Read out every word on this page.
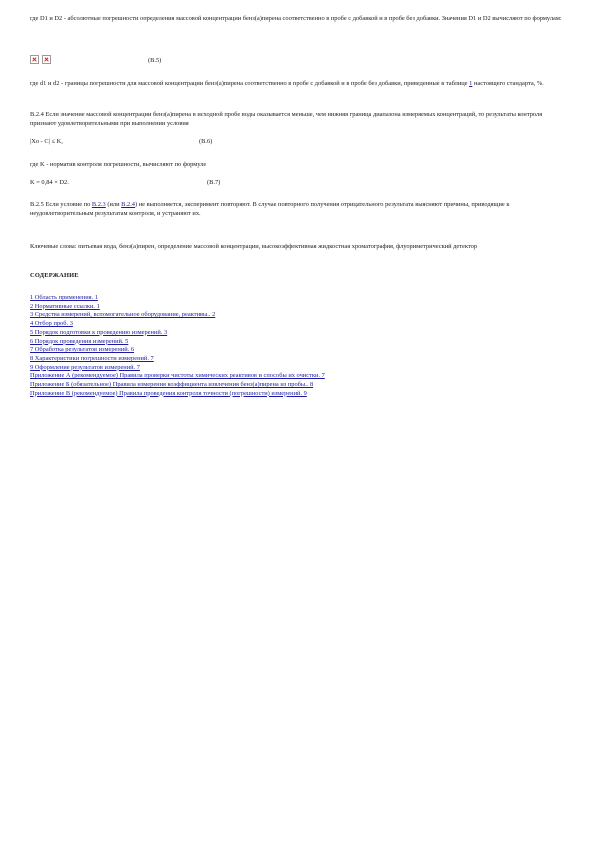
где D1 и D2 - абсолютные погрешности определения массовой концентрации бенз(а)пирена соответственно в пробе с добавкой и в пробе без добавки. Значения D1 и D2 вычисляют по формулам:

(В.5)

где d1 и d2 - границы погрешности для массовой концентрации бенз(а)пирена соответственно в пробе с добавкой и в пробе без добавки, приведенные в таблице 1 настоящего стандарта, %.

В.2.4 Если значение массовой концентрации бенз(а)пирена в исходной пробе воды оказывается меньше, чем нижняя граница диапазона измеряемых концентраций, то результаты контроля признают удовлетворительными при выполнении условия

|Xо - С| ≤ K,	(В.6)

где K - норматив контроля погрешности, вычисляют по формуле

K = 0,84 × D2.	(В.7)

В.2.5 Если условие по В.2.3 (или В.2.4) не выполняется, эксперимент повторяют. В случае повторного получения отрицательного результата выясняют причины, приводящие к неудовлетворительным результатам контроля, и устраняют их.

Ключевые слова: питьевая вода, бенз(а)пирен, определение массовой концентрации, высокоэффективная жидкостная хроматография, флуориметрический детектор

СОДЕРЖАНИЕ

1 Область применения. 1
2 Нормативные ссылки. 1
3 Средства измерений, вспомогательное оборудование, реактивы.. 2
4 Отбор проб. 3
5 Порядок подготовки к проведению измерений. 3
6 Порядок проведения измерений. 5
7 Обработка результатов измерений. 6
8 Характеристики погрешности измерений. 7
9 Оформление результатов измерений. 7
Приложение А (рекомендуемое) Правила проверки чистоты химических реактивов и способы их очистки. 7
Приложение Б (обязательное) Правила измерения коэффициента извлечения бенз(а)пирена из пробы.. 8
Приложение В (рекомендуемое) Правила проведения контроля точности (погрешности) измерений. 9
